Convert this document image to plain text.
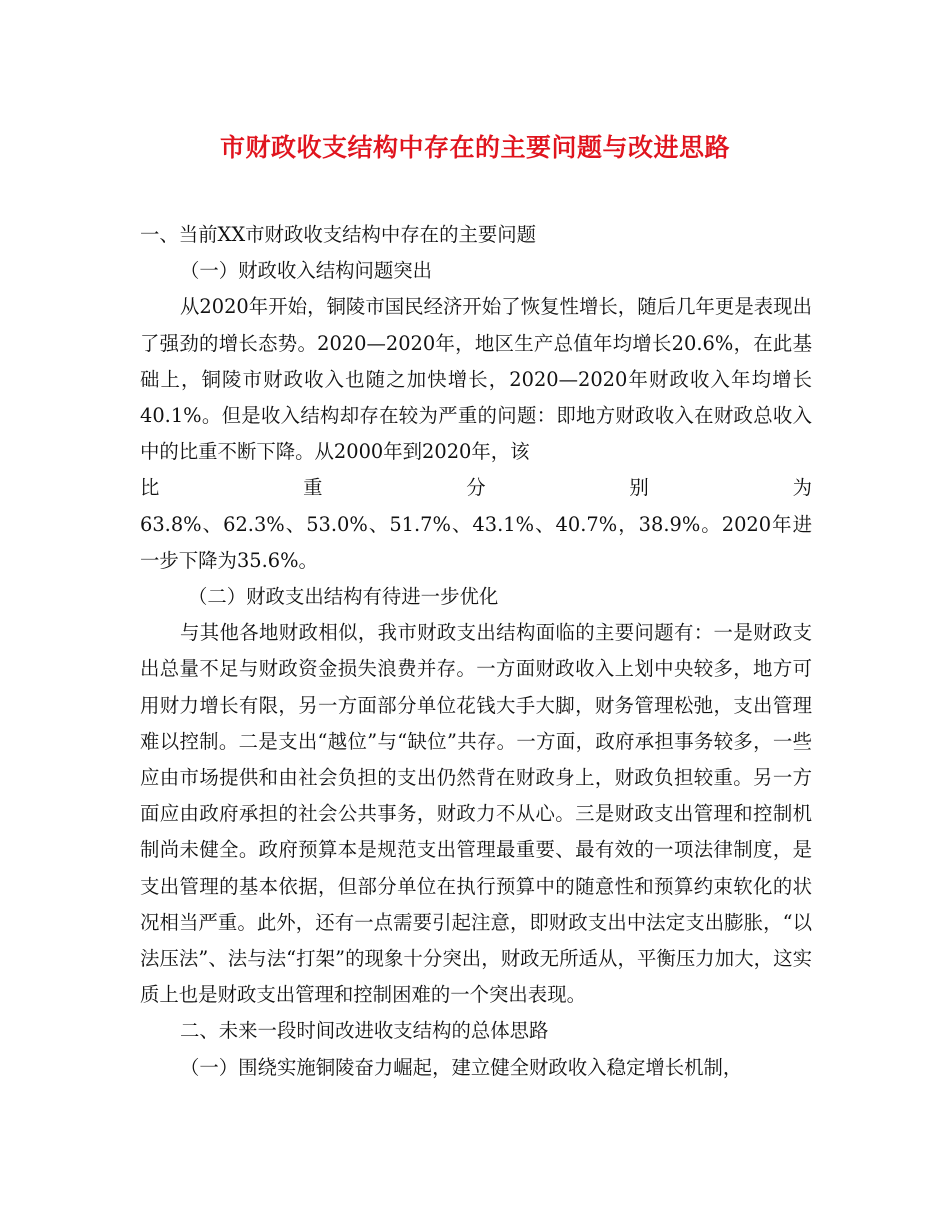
市财政收支结构中存在的主要问题与改进思路

一、当前XX市财政收支结构中存在的主要问题

（一）财政收入结构问题突出

从2020年开始，铜陵市国民经济开始了恢复性增长，随后几年更是表现出了强劲的增长态势。2020—2020年，地区生产总值年均增长20.6%，在此基础上，铜陵市财政收入也随之加快增长，2020—2020年财政收入年均增长40.1%。但是收入结构却存在较为严重的问题：即地方财政收入在财政总收入中的比重不断下降。从2000年到2020年，该

比	重	分	别	为

63.8%、62.3%、53.0%、51.7%、43.1%、40.7%，38.9%。2020年进一步下降为35.6%。

（二）财政支出结构有待进一步优化

与其他各地财政相似，我市财政支出结构面临的主要问题有：一是财政支出总量不足与财政资金损失浪费并存。一方面财政收入上划中央较多，地方可用财力增长有限，另一方面部分单位花钱大手大脚，财务管理松弛，支出管理难以控制。二是支出“越位”与“缺位”共存。一方面，政府承担事务较多，一些应由市场提供和由社会负担的支出仍然背在财政身上，财政负担较重。另一方面应由政府承担的社会公共事务，财政力不从心。三是财政支出管理和控制机制尚未健全。政府预算本是规范支出管理最重要、最有效的一项法律制度，是支出管理的基本依据，但部分单位在执行预算中的随意性和预算约束软化的状况相当严重。此外，还有一点需要引起注意，即财政支出中法定支出膨胀，“以法压法”、法与法“打架”的现象十分突出，财政无所适从，平衡压力加大，这实质上也是财政支出管理和控制困难的一个突出表现。

二、未来一段时间改进收支结构的总体思路

（一）围绕实施铜陵奋力崛起，建立健全财政收入稳定增长机制，
